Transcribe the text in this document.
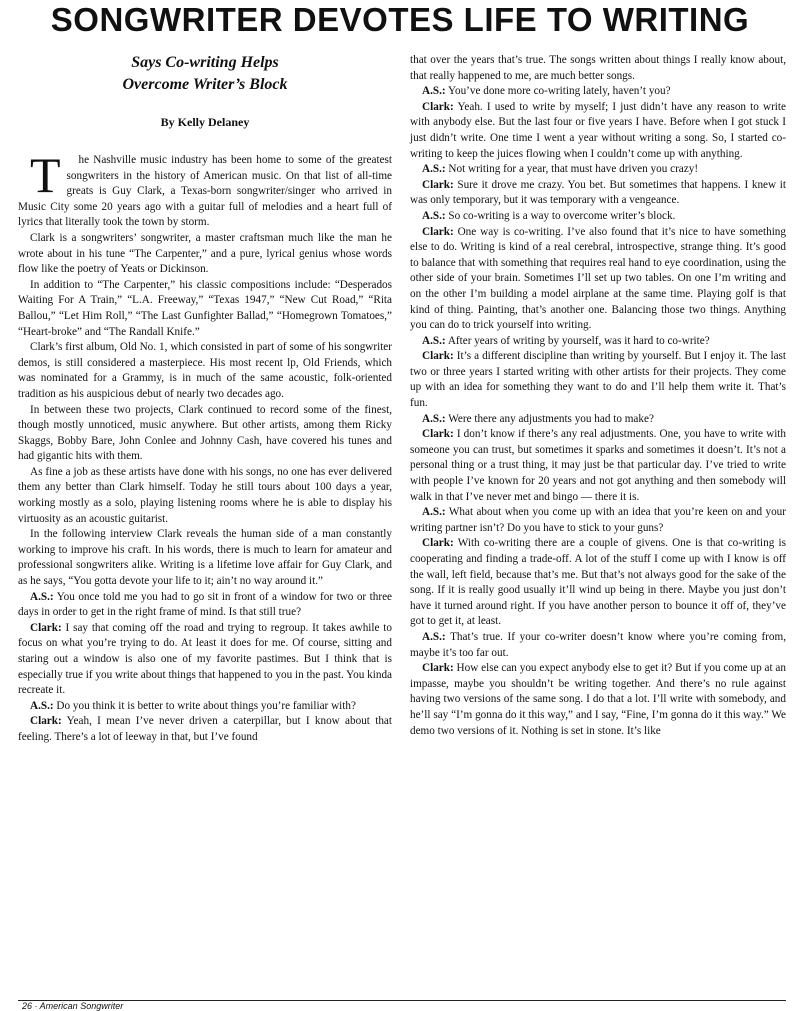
SONGWRITER DEVOTES LIFE TO WRITING
Says Co-writing Helps
Overcome Writer’s Block
By Kelly Delaney

T he Nashville music industry has been home to some of the greatest songwriters in the history of American music. On that list of all-time greats is Guy Clark, a Texas-born songwriter/singer who arrived in Music City some 20 years ago with a guitar full of melodies and a heart full of lyrics that literally took the town by storm.

Clark is a songwriters’ songwriter, a master craftsman much like the man he wrote about in his tune “The Carpenter,” and a pure, lyrical genius whose words flow like the poetry of Yeats or Dickinson.

In addition to “The Carpenter,” his classic compositions include: “Desperados Waiting For A Train,” “L.A. Freeway,” “Texas 1947,” “New Cut Road,” “Rita Ballou,” “Let Him Roll,” “The Last Gunfighter Ballad,” “Homegrown Tomatoes,” “Heart-broke” and “The Randall Knife.”

Clark’s first album, Old No. 1, which consisted in part of some of his songwriter demos, is still considered a masterpiece. His most recent lp, Old Friends, which was nominated for a Grammy, is in much of the same acoustic, folk-oriented tradition as his auspicious debut of nearly two decades ago.

In between these two projects, Clark continued to record some of the finest, though mostly unnoticed, music anywhere. But other artists, among them Ricky Skaggs, Bobby Bare, John Conlee and Johnny Cash, have covered his tunes and had gigantic hits with them.

As fine a job as these artists have done with his songs, no one has ever delivered them any better than Clark himself. Today he still tours about 100 days a year, working mostly as a solo, playing listening rooms where he is able to display his virtuosity as an acoustic guitarist.

In the following interview Clark reveals the human side of a man constantly working to improve his craft. In his words, there is much to learn for amateur and professional songwriters alike. Writing is a lifetime love affair for Guy Clark, and as he says, “You gotta devote your life to it; ain’t no way around it.”

A.S.: You once told me you had to go sit in front of a window for two or three days in order to get in the right frame of mind. Is that still true?

Clark: I say that coming off the road and trying to regroup. It takes awhile to focus on what you’re trying to do. At least it does for me. Of course, sitting and staring out a window is also one of my favorite pastimes. But I think that is especially true if you write about things that happened to you in the past. You kinda recreate it.

A.S.: Do you think it is better to write about things you’re familiar with?

Clark: Yeah, I mean I’ve never driven a caterpillar, but I know about that feeling. There’s a lot of leeway in that, but I’ve found

that over the years that’s true. The songs written about things I really know about, that really happened to me, are much better songs.

A.S.: You’ve done more co-writing lately, haven’t you?

Clark: Yeah. I used to write by myself; I just didn’t have any reason to write with anybody else. But the last four or five years I have. Before when I got stuck I just didn’t write. One time I went a year without writing a song. So, I started co-writing to keep the juices flowing when I couldn’t come up with anything.

A.S.: Not writing for a year, that must have driven you crazy!

Clark: Sure it drove me crazy. You bet. But sometimes that happens. I knew it was only temporary, but it was temporary with a vengeance.

A.S.: So co-writing is a way to overcome writer’s block.

Clark: One way is co-writing. I’ve also found that it’s nice to have something else to do. Writing is kind of a real cerebral, introspective, strange thing. It’s good to balance that with something that requires real hand to eye coordination, using the other side of your brain. Sometimes I’ll set up two tables. On one I’m writing and on the other I’m building a model airplane at the same time. Playing golf is that kind of thing. Painting, that’s another one. Balancing those two things. Anything you can do to trick yourself into writing.

A.S.: After years of writing by yourself, was it hard to co-write?

Clark: It’s a different discipline than writing by yourself. But I enjoy it. The last two or three years I started writing with other artists for their projects. They come up with an idea for something they want to do and I’ll help them write it. That’s fun.

A.S.: Were there any adjustments you had to make?

Clark: I don’t know if there’s any real adjustments. One, you have to write with someone you can trust, but sometimes it sparks and sometimes it doesn’t. It’s not a personal thing or a trust thing, it may just be that particular day. I’ve tried to write with people I’ve known for 20 years and not got anything and then somebody will walk in that I’ve never met and bingo — there it is.

A.S.: What about when you come up with an idea that you’re keen on and your writing partner isn’t? Do you have to stick to your guns?

Clark: With co-writing there are a couple of givens. One is that co-writing is cooperating and finding a trade-off. A lot of the stuff I come up with I know is off the wall, left field, because that’s me. But that’s not always good for the sake of the song. If it is really good usually it’ll wind up being in there. Maybe you just don’t have it turned around right. If you have another person to bounce it off of, they’ve got to get it, at least.

A.S.: That’s true. If your co-writer doesn’t know where you’re coming from, maybe it’s too far out.

Clark: How else can you expect anybody else to get it? But if you come up at an impasse, maybe you shouldn’t be writing together. And there’s no rule against having two versions of the same song. I do that a lot. I’ll write with somebody, and he’ll say “I’m gonna do it this way,” and I say, “Fine, I’m gonna do it this way.” We demo two versions of it. Nothing is set in stone. It’s like

26 · American Songwriter
